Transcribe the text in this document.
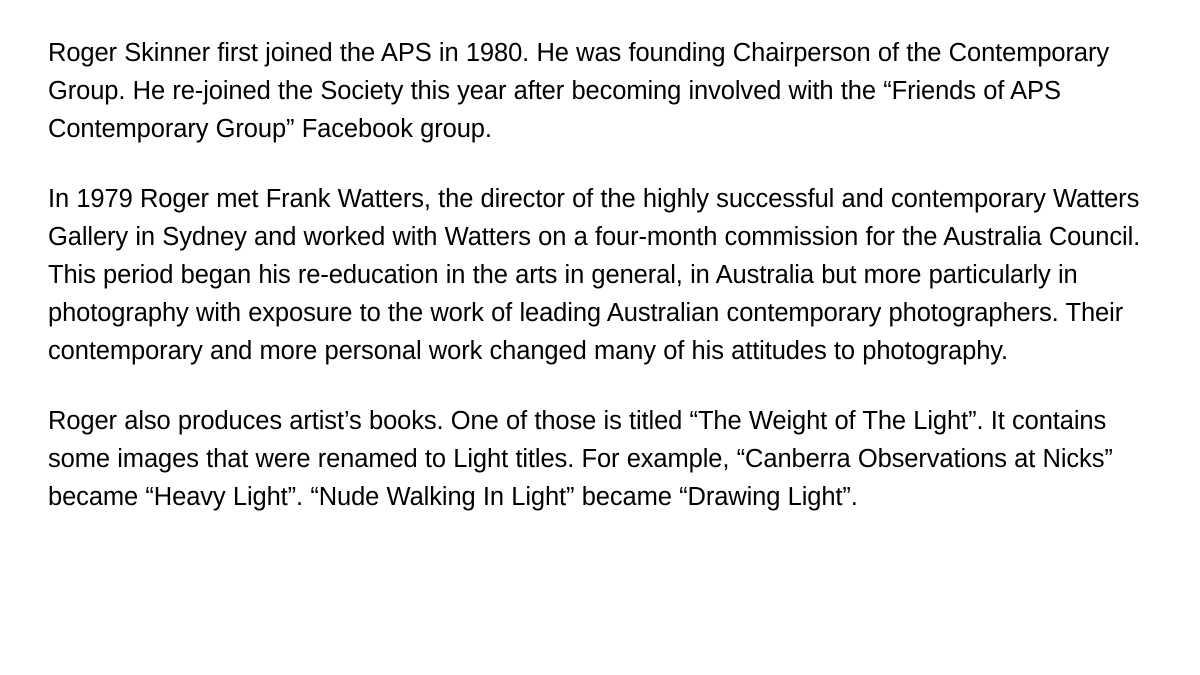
Roger Skinner first joined the APS in 1980. He was founding Chairperson of the Contemporary Group. He re-joined the Society this year after becoming involved with the “Friends of APS Contemporary Group” Facebook group.

In 1979 Roger met Frank Watters, the director of the highly successful and contemporary Watters Gallery in Sydney and worked with Watters on a four-month commission for the Australia Council. This period began his re-education in the arts in general, in Australia but more particularly in photography with exposure to the work of leading Australian contemporary photographers. Their contemporary and more personal work changed many of his attitudes to photography.

Roger also produces artist’s books. One of those is titled “The Weight of The Light”. It contains some images that were renamed to Light titles. For example, “Canberra Observations at Nicks” became “Heavy Light”. “Nude Walking In Light” became “Drawing Light”.
